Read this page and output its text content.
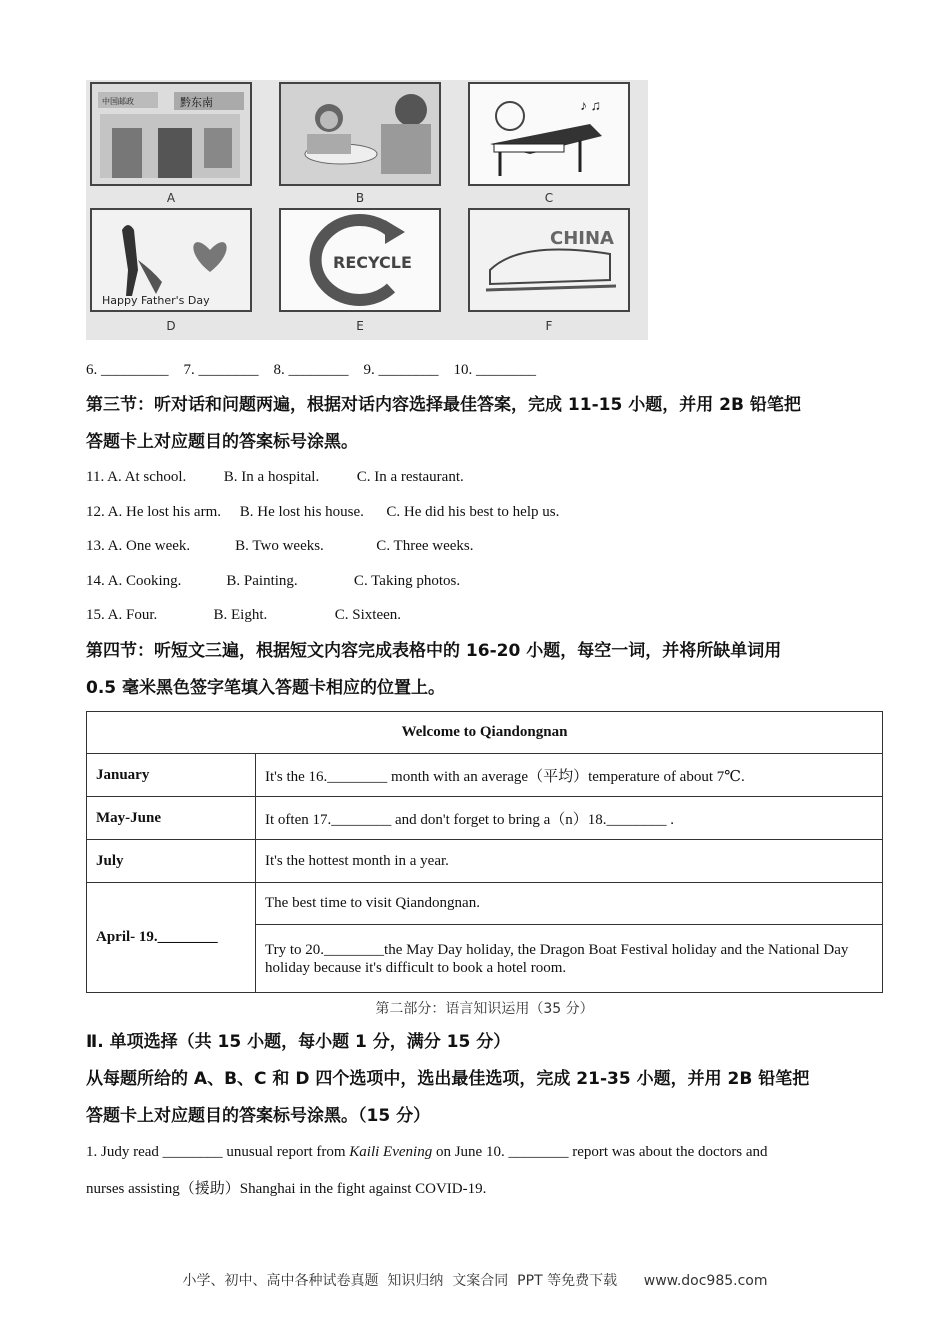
中国邮政	黔东南
A	B
♪ ♫
C
Happy Father's Day
D
RECYCLE
E
CHINA
F
6. _________    7. ________    8. ________    9. ________    10. ________
第三节：听对话和问题两遍，根据对话内容选择最佳答案，完成 11-15 小题，并用 2B 铅笔把
答题卡上对应题目的答案标号涂黑。
11. A. At school.          B. In a hospital.          C. In a restaurant.
12. A. He lost his arm.     B. He lost his house.      C. He did his best to help us.
13. A. One week.            B. Two weeks.              C. Three weeks.
14. A. Cooking.            B. Painting.               C. Taking photos.
15. A. Four.               B. Eight.                  C. Sixteen.
第四节：听短文三遍，根据短文内容完成表格中的 16-20 小题，每空一词，并将所缺单词用
0.5 毫米黑色签字笔填入答题卡相应的位置上。
Welcome to Qiandongnan	
January	It's the 16.________ month with an average（平均）temperature of about 7℃.
May-June	It often 17.________ and don't forget to bring a（n）18.________ .
July	It's the hottest month in a year.
April- 19.________	The best time to visit Qiandongnan.
	Try to 20.________the May Day holiday, the Dragon Boat Festival holiday and the National Day holiday because it's difficult to book a hotel room.
第二部分：语言知识运用（35 分）
Ⅱ. 单项选择（共 15 小题，每小题 1 分，满分 15 分）
从每题所给的 A、B、C 和 D 四个选项中，选出最佳选项，完成 21-35 小题，并用 2B 铅笔把
答题卡上对应题目的答案标号涂黑。（15 分）
1. Judy read ________ unusual report from Kaili Evening on June 10. ________ report was about the doctors and
nurses assisting（援助）Shanghai in the fight against COVID-19.
小学、初中、高中各种试卷真题  知识归纳  文案合同  PPT 等免费下载      www.doc985.com
